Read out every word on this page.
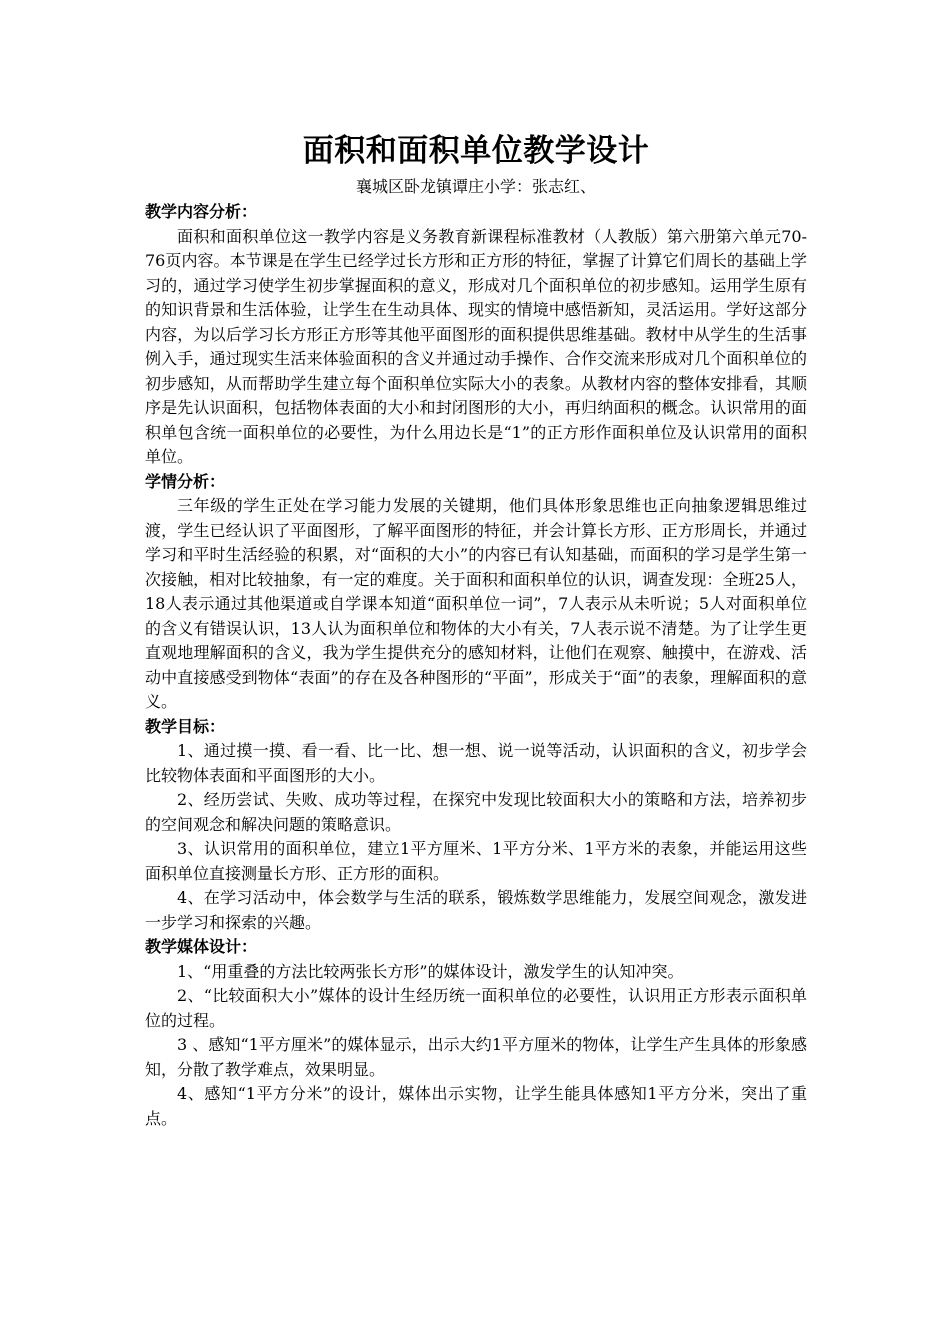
面积和面积单位教学设计

襄城区卧龙镇谭庄小学：张志红、

教学内容分析：

面积和面积单位这一教学内容是义务教育新课程标准教材（人教版）第六册第六单元70-76页内容。本节课是在学生已经学过长方形和正方形的特征，掌握了计算它们周长的基础上学习的，通过学习使学生初步掌握面积的意义，形成对几个面积单位的初步感知。运用学生原有的知识背景和生活体验，让学生在生动具体、现实的情境中感悟新知，灵活运用。学好这部分内容，为以后学习长方形正方形等其他平面图形的面积提供思维基础。教材中从学生的生活事例入手，通过现实生活来体验面积的含义并通过动手操作、合作交流来形成对几个面积单位的初步感知，从而帮助学生建立每个面积单位实际大小的表象。从教材内容的整体安排看，其顺序是先认识面积，包括物体表面的大小和封闭图形的大小，再归纳面积的概念。认识常用的面积单包含统一面积单位的必要性，为什么用边长是“1”的正方形作面积单位及认识常用的面积单位。

学情分析：

三年级的学生正处在学习能力发展的关键期，他们具体形象思维也正向抽象逻辑思维过渡，学生已经认识了平面图形，了解平面图形的特征，并会计算长方形、正方形周长，并通过学习和平时生活经验的积累，对“面积的大小”的内容已有认知基础，而面积的学习是学生第一次接触，相对比较抽象，有一定的难度。关于面积和面积单位的认识，调查发现：全班25人，18人表示通过其他渠道或自学课本知道“面积单位一词”，7人表示从未听说；5人对面积单位的含义有错误认识，13人认为面积单位和物体的大小有关，7人表示说不清楚。为了让学生更直观地理解面积的含义，我为学生提供充分的感知材料，让他们在观察、触摸中，在游戏、活动中直接感受到物体“表面”的存在及各种图形的“平面”，形成关于“面”的表象，理解面积的意义。

教学目标：

1、通过摸一摸、看一看、比一比、想一想、说一说等活动，认识面积的含义，初步学会比较物体表面和平面图形的大小。

2、经历尝试、失败、成功等过程，在探究中发现比较面积大小的策略和方法，培养初步的空间观念和解决问题的策略意识。

3、认识常用的面积单位，建立1平方厘米、1平方分米、1平方米的表象，并能运用这些面积单位直接测量长方形、正方形的面积。

4、在学习活动中，体会数学与生活的联系，锻炼数学思维能力，发展空间观念，激发进一步学习和探索的兴趣。

教学媒体设计：

1、“用重叠的方法比较两张长方形”的媒体设计，激发学生的认知冲突。

2、“比较面积大小”媒体的设计生经历统一面积单位的必要性，认识用正方形表示面积单位的过程。

3 、感知“1平方厘米”的媒体显示，出示大约1平方厘米的物体，让学生产生具体的形象感知，分散了教学难点，效果明显。

4、感知“1平方分米”的设计，媒体出示实物，让学生能具体感知1平方分米，突出了重点。
